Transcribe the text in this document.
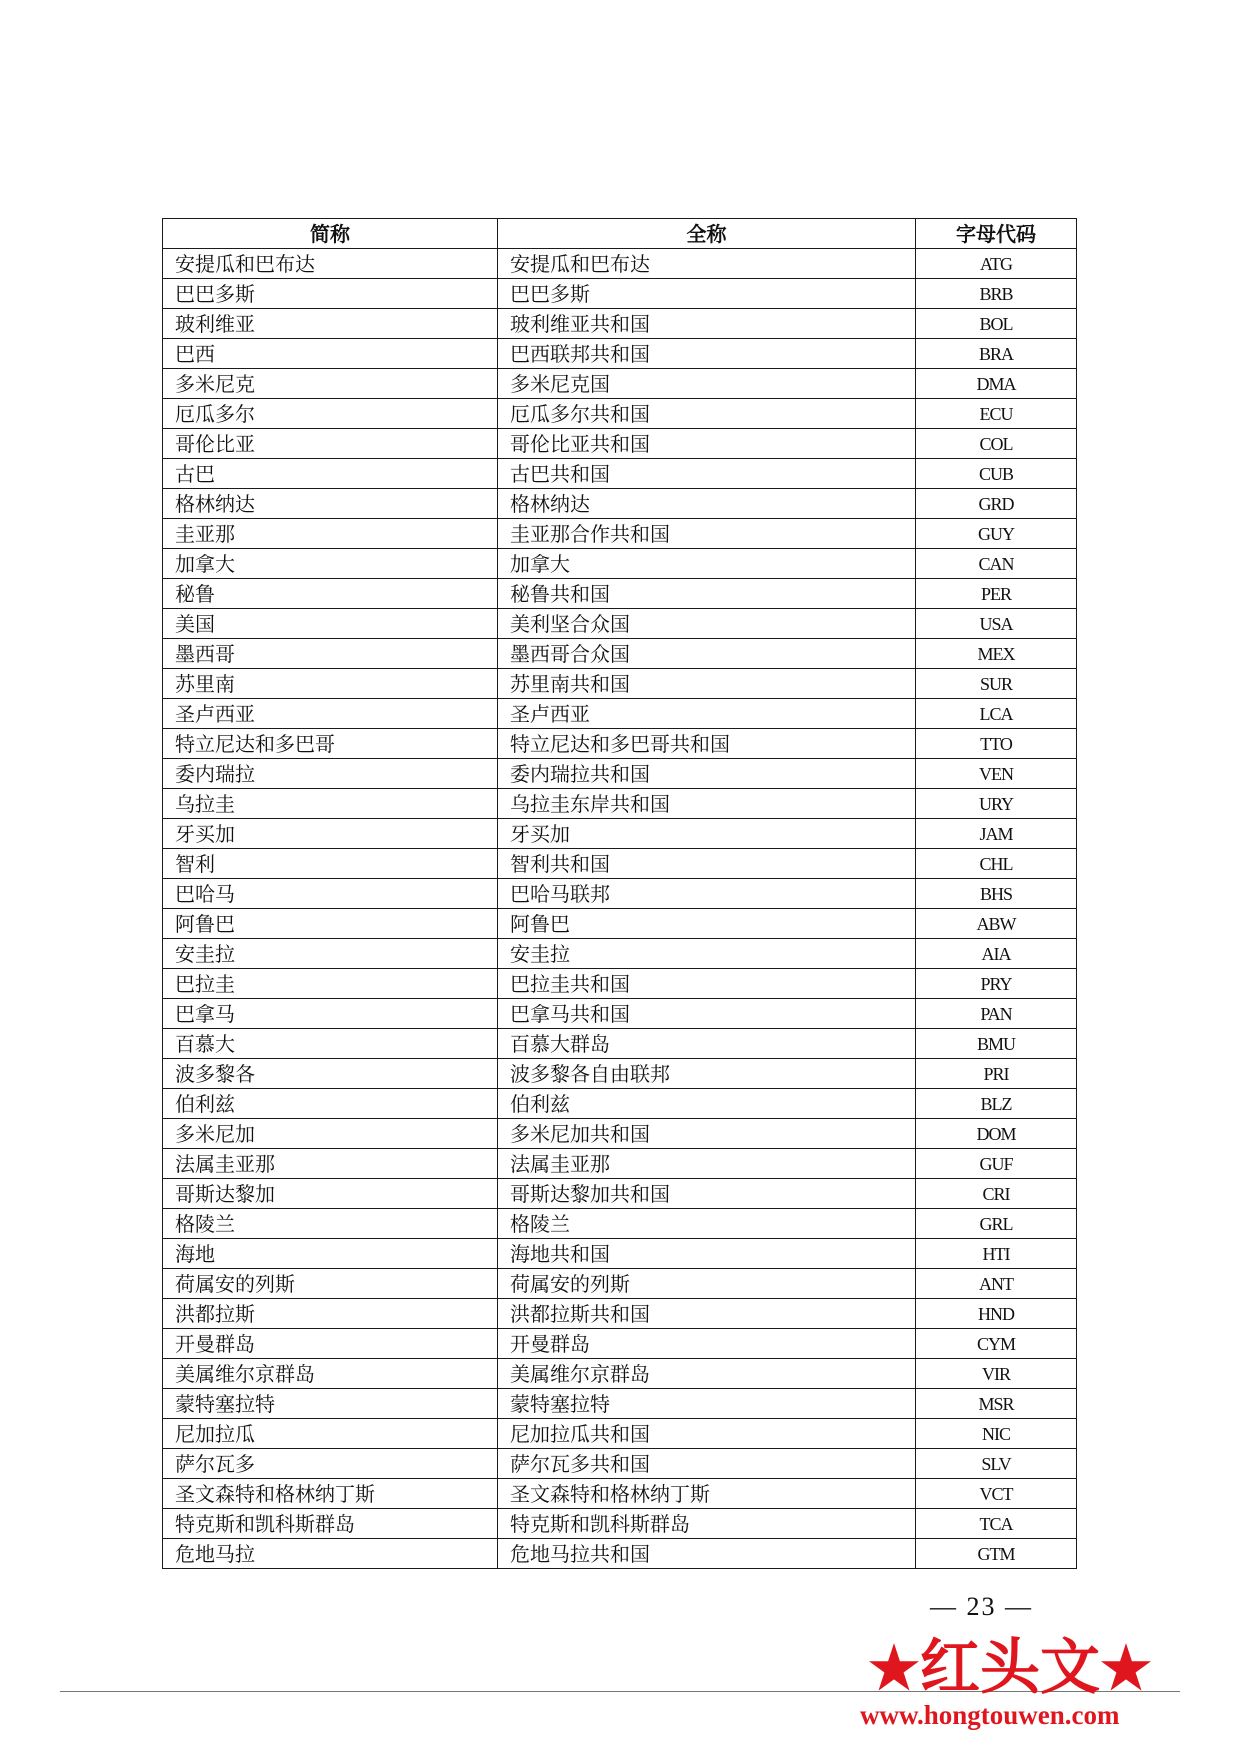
简称	全称	字母代码
安提瓜和巴布达	安提瓜和巴布达	ATG
巴巴多斯	巴巴多斯	BRB
玻利维亚	玻利维亚共和国	BOL
巴西	巴西联邦共和国	BRA
多米尼克	多米尼克国	DMA
厄瓜多尔	厄瓜多尔共和国	ECU
哥伦比亚	哥伦比亚共和国	COL
古巴	古巴共和国	CUB
格林纳达	格林纳达	GRD
圭亚那	圭亚那合作共和国	GUY
加拿大	加拿大	CAN
秘鲁	秘鲁共和国	PER
美国	美利坚合众国	USA
墨西哥	墨西哥合众国	MEX
苏里南	苏里南共和国	SUR
圣卢西亚	圣卢西亚	LCA
特立尼达和多巴哥	特立尼达和多巴哥共和国	TTO
委内瑞拉	委内瑞拉共和国	VEN
乌拉圭	乌拉圭东岸共和国	URY
牙买加	牙买加	JAM
智利	智利共和国	CHL
巴哈马	巴哈马联邦	BHS
阿鲁巴	阿鲁巴	ABW
安圭拉	安圭拉	AIA
巴拉圭	巴拉圭共和国	PRY
巴拿马	巴拿马共和国	PAN
百慕大	百慕大群岛	BMU
波多黎各	波多黎各自由联邦	PRI
伯利兹	伯利兹	BLZ
多米尼加	多米尼加共和国	DOM
法属圭亚那	法属圭亚那	GUF
哥斯达黎加	哥斯达黎加共和国	CRI
格陵兰	格陵兰	GRL
海地	海地共和国	HTI
荷属安的列斯	荷属安的列斯	ANT
洪都拉斯	洪都拉斯共和国	HND
开曼群岛	开曼群岛	CYM
美属维尔京群岛	美属维尔京群岛	VIR
蒙特塞拉特	蒙特塞拉特	MSR
尼加拉瓜	尼加拉瓜共和国	NIC
萨尔瓦多	萨尔瓦多共和国	SLV
圣文森特和格林纳丁斯	圣文森特和格林纳丁斯	VCT
特克斯和凯科斯群岛	特克斯和凯科斯群岛	TCA
危地马拉	危地马拉共和国	GTM
— 23 —
★红头文★
www.hongtouwen.com
